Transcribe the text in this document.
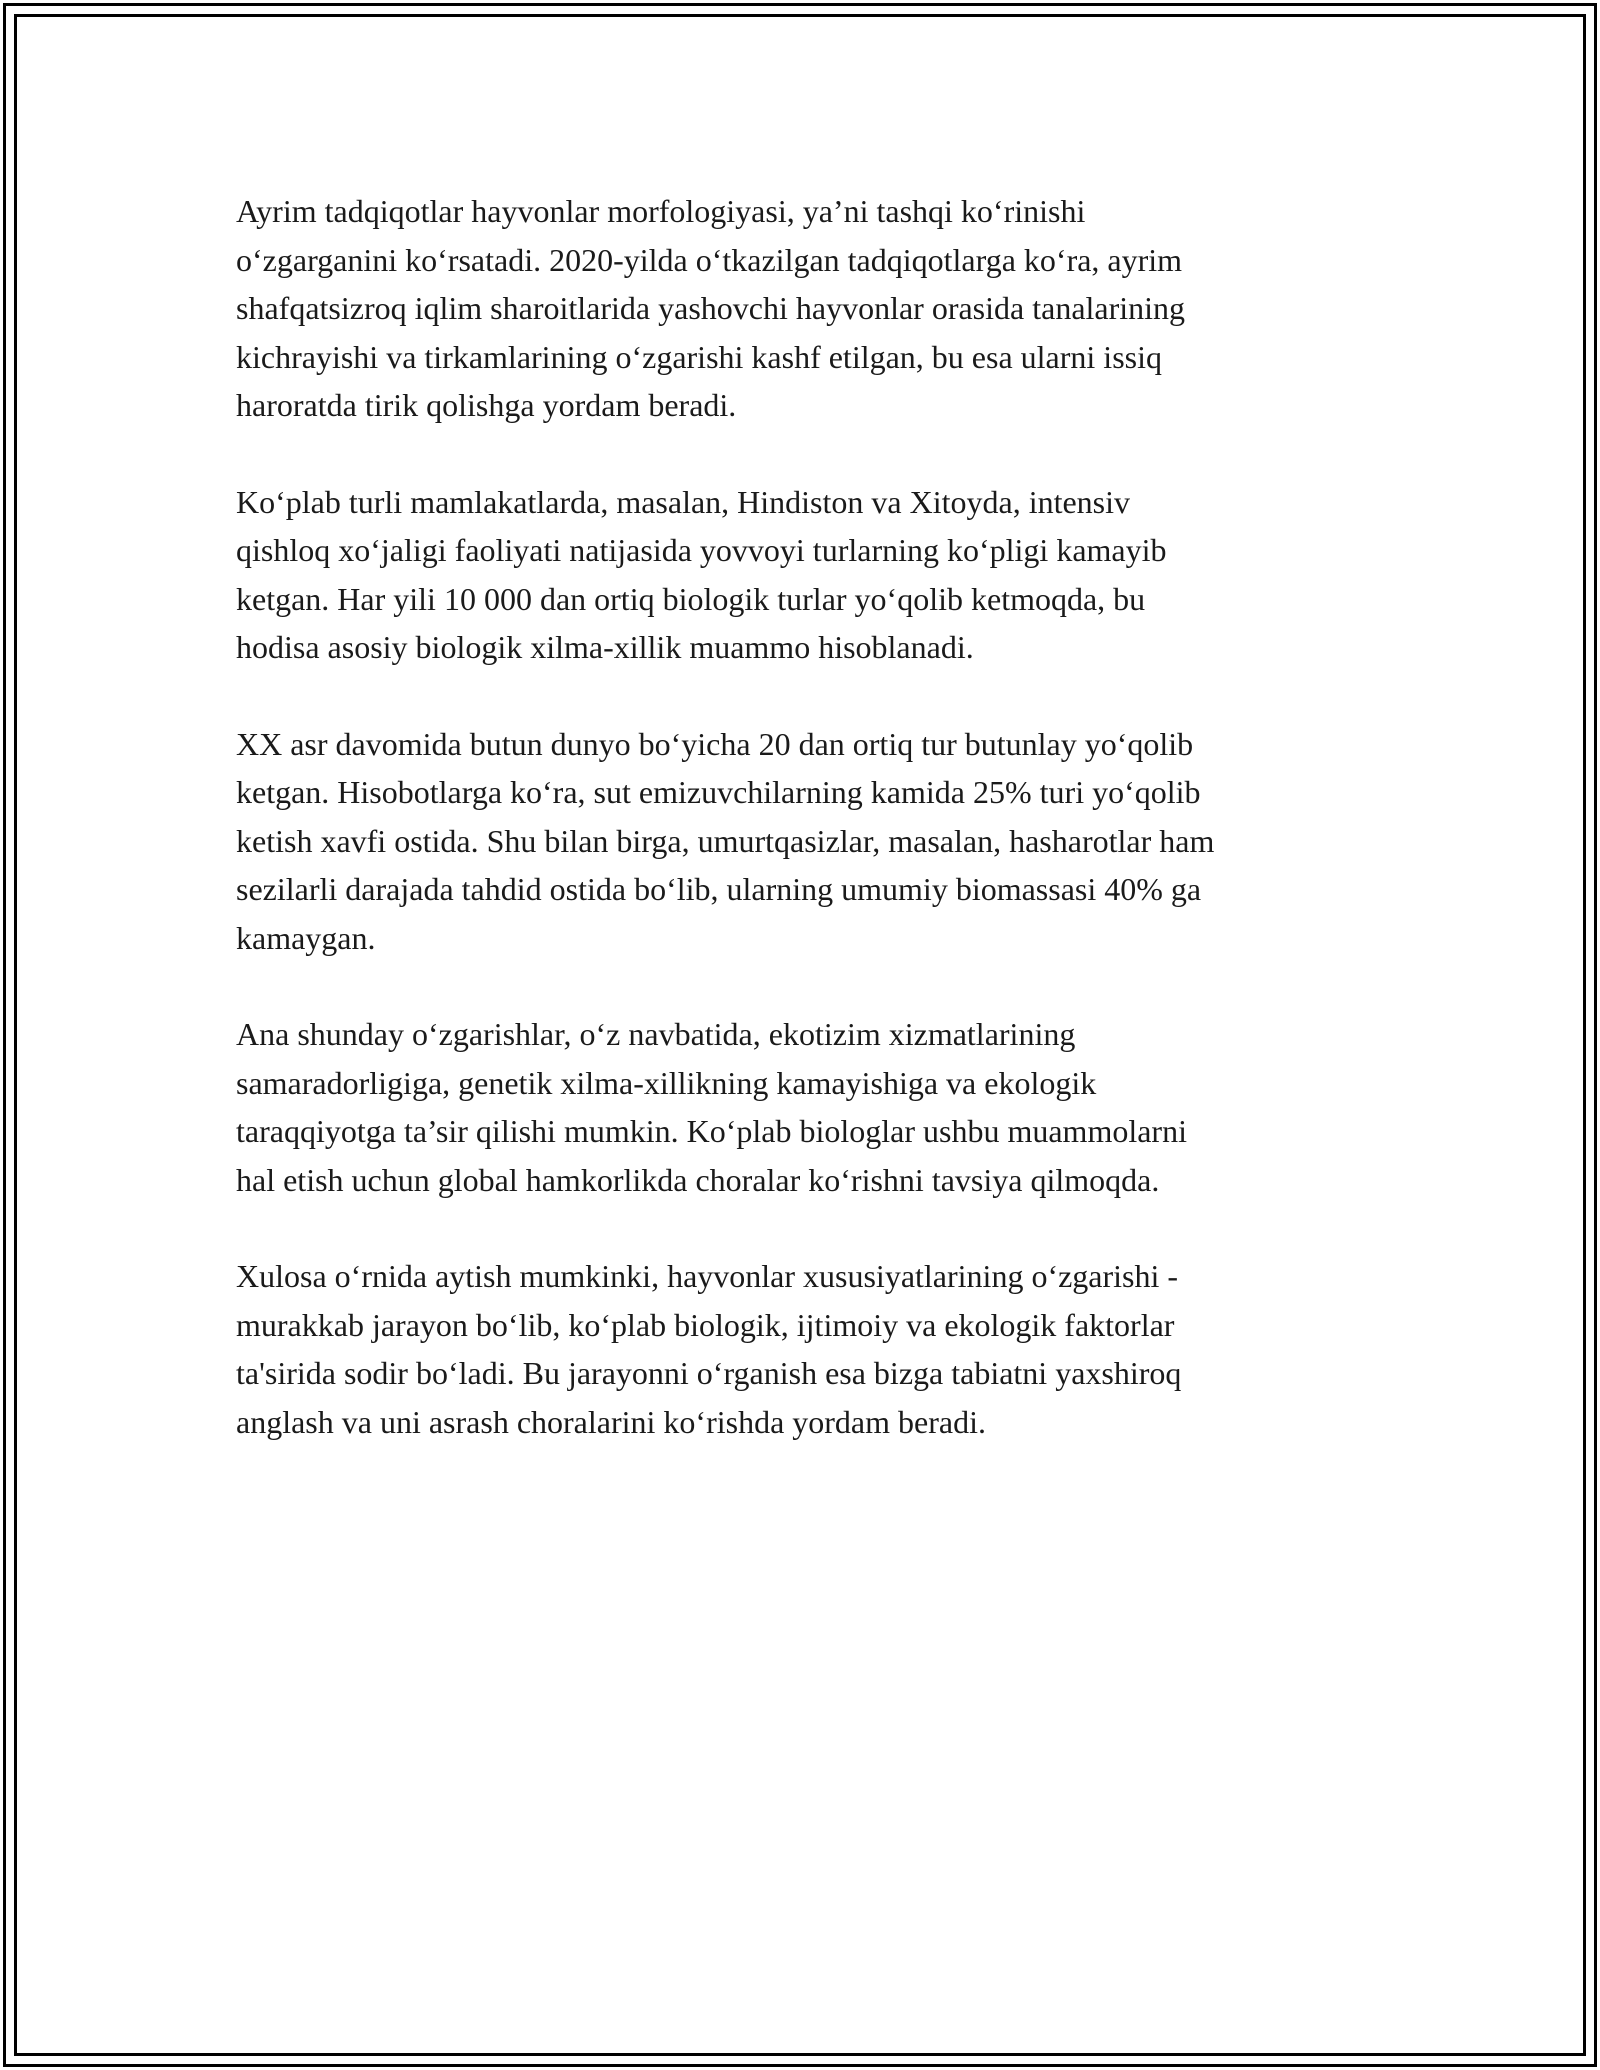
Ayrim tadqiqotlar hayvonlar morfologiyasi, ya’ni tashqi ko‘rinishi
o‘zgarganini ko‘rsatadi. 2020-yilda o‘tkazilgan tadqiqotlarga ko‘ra, ayrim
shafqatsizroq iqlim sharoitlarida yashovchi hayvonlar orasida tanalarining
kichrayishi va tirkamlarining o‘zgarishi kashf etilgan, bu esa ularni issiq
haroratda tirik qolishga yordam beradi.

Ko‘plab turli mamlakatlarda, masalan, Hindiston va Xitoyda, intensiv
qishloq xo‘jaligi faoliyati natijasida yovvoyi turlarning ko‘pligi kamayib
ketgan. Har yili 10 000 dan ortiq biologik turlar yo‘qolib ketmoqda, bu
hodisa asosiy biologik xilma-xillik muammo hisoblanadi.

XX asr davomida butun dunyo bo‘yicha 20 dan ortiq tur butunlay yo‘qolib
ketgan. Hisobotlarga ko‘ra, sut emizuvchilarning kamida 25% turi yo‘qolib
ketish xavfi ostida. Shu bilan birga, umurtqasizlar, masalan, hasharotlar ham
sezilarli darajada tahdid ostida bo‘lib, ularning umumiy biomassasi 40% ga
kamaygan.

Ana shunday o‘zgarishlar, o‘z navbatida, ekotizim xizmatlarining
samaradorligiga, genetik xilma-xillikning kamayishiga va ekologik
taraqqiyotga ta’sir qilishi mumkin. Ko‘plab biologlar ushbu muammolarni
hal etish uchun global hamkorlikda choralar ko‘rishni tavsiya qilmoqda.

Xulosa o‘rnida aytish mumkinki, hayvonlar xususiyatlarining o‘zgarishi -
murakkab jarayon bo‘lib, ko‘plab biologik, ijtimoiy va ekologik faktorlar
ta'sirida sodir bo‘ladi. Bu jarayonni o‘rganish esa bizga tabiatni yaxshiroq
anglash va uni asrash choralarini ko‘rishda yordam beradi.
